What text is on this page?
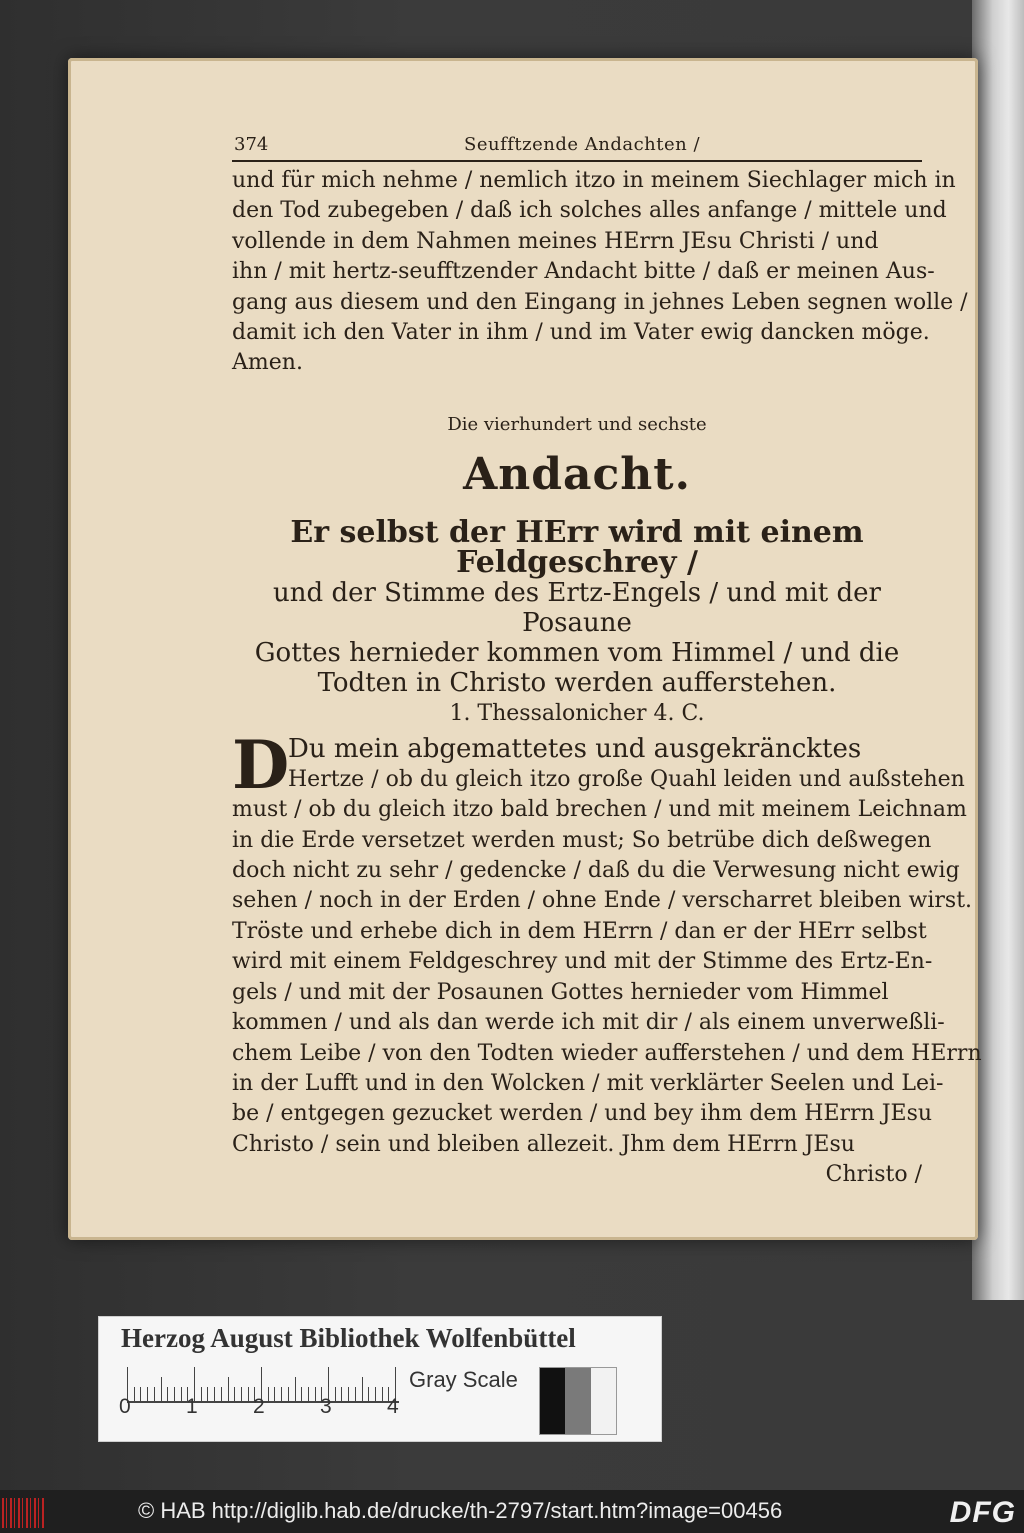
374	Seufftzende Andachten /
und für mich nehme / nemlich itzo in meinem Siechlager mich in
den Tod zubegeben / daß ich solches alles anfange / mittele und
vollende in dem Nahmen meines HErrn JEsu Christi / und
ihn / mit hertz-seufftzender Andacht bitte / daß er meinen Aus-
gang aus diesem und den Eingang in jehnes Leben segnen wolle /
damit ich den Vater in ihm / und im Vater ewig dancken möge.
Amen.
Die vierhundert und sechste
Andacht.
Er selbst der HErr wird mit einem Feldgeschrey /
und der Stimme des Ertz-Engels / und mit der Posaune
Gottes hernieder kommen vom Himmel / und die
Todten in Christo werden aufferstehen.
1. Thessalonicher 4. C.
D
Du mein abgemattetes und ausgekräncktes
Hertze / ob du gleich itzo große Quahl leiden und außstehen
must / ob du gleich itzo bald brechen / und mit meinem Leichnam
in die Erde versetzet werden must; So betrübe dich deßwegen
doch nicht zu sehr / gedencke / daß du die Verwesung nicht ewig
sehen / noch in der Erden / ohne Ende / verscharret bleiben wirst.
Tröste und erhebe dich in dem HErrn / dan er der HErr selbst
wird mit einem Feldgeschrey und mit der Stimme des Ertz-En-
gels / und mit der Posaunen Gottes hernieder vom Himmel
kommen / und als dan werde ich mit dir / als einem unverweßli-
chem Leibe / von den Todten wieder aufferstehen / und dem HErrn
in der Lufft und in den Wolcken / mit verklärter Seelen und Lei-
be / entgegen gezucket werden / und bey ihm dem HErrn JEsu
Christo / sein und bleiben allezeit. Jhm dem HErrn JEsu
Christo /
Herzog August Bibliothek Wolfenbüttel
0	1	2	3	4
Gray Scale
© HAB http://diglib.hab.de/drucke/th-2797/start.htm?image=00456	DFG
